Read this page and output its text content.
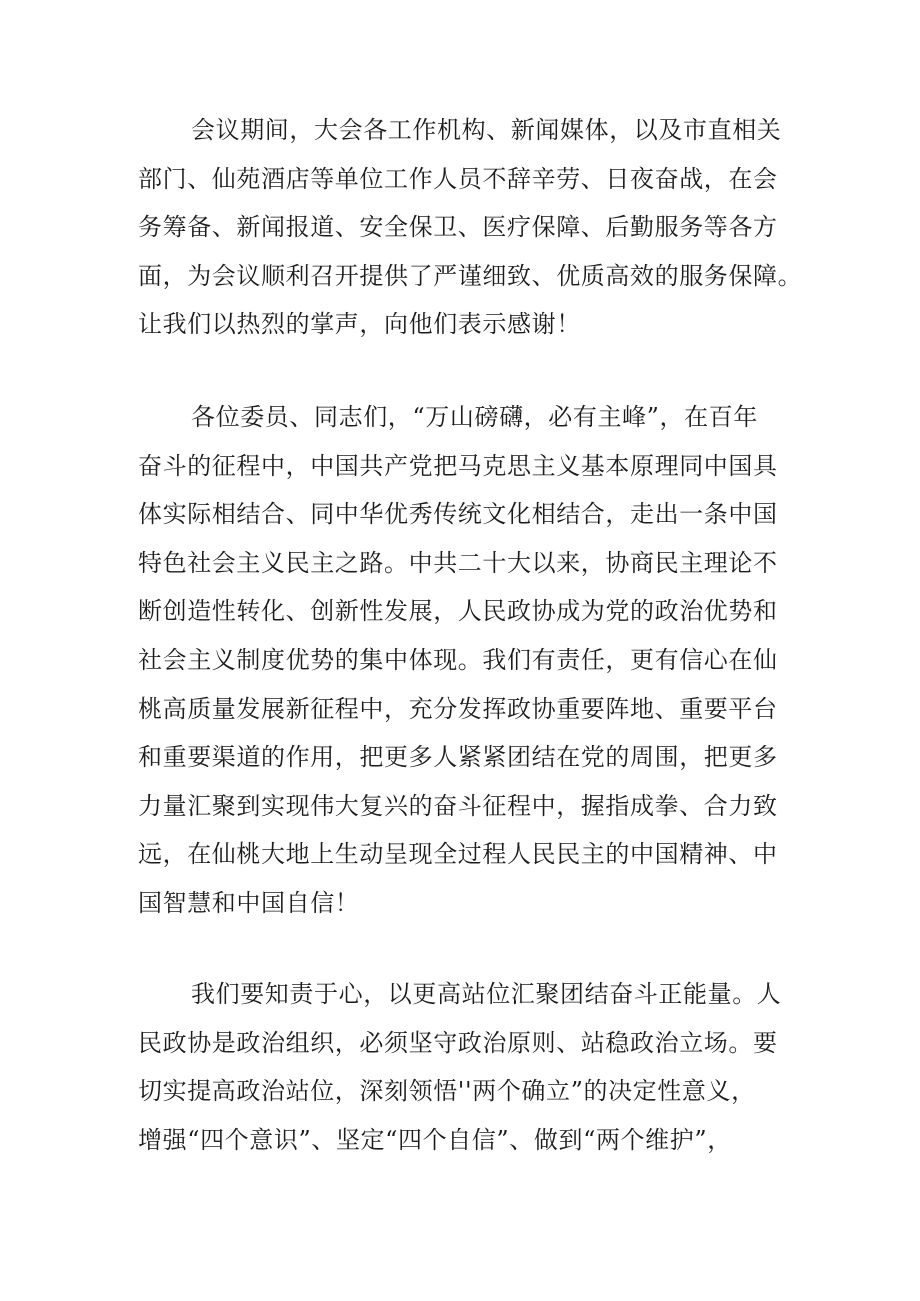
会议期间，大会各工作机构、新闻媒体，以及市直相关
部门、仙苑酒店等单位工作人员不辞辛劳、日夜奋战，在会
务筹备、新闻报道、安全保卫、医疗保障、后勤服务等各方
面，为会议顺利召开提供了严谨细致、优质高效的服务保障。
让我们以热烈的掌声，向他们表示感谢！
各位委员、同志们，“万山磅礴，必有主峰”，在百年
奋斗的征程中，中国共产党把马克思主义基本原理同中国具
体实际相结合、同中华优秀传统文化相结合，走出一条中国
特色社会主义民主之路。中共二十大以来，协商民主理论不
断创造性转化、创新性发展，人民政协成为党的政治优势和
社会主义制度优势的集中体现。我们有责任，更有信心在仙
桃高质量发展新征程中，充分发挥政协重要阵地、重要平台
和重要渠道的作用，把更多人紧紧团结在党的周围，把更多
力量汇聚到实现伟大复兴的奋斗征程中，握指成拳、合力致
远，在仙桃大地上生动呈现全过程人民民主的中国精神、中
国智慧和中国自信！
我们要知责于心，以更高站位汇聚团结奋斗正能量。人
民政协是政治组织，必须坚守政治原则、站稳政治立场。要
切实提高政治站位，深刻领悟''两个确立”的决定性意义，
增强“四个意识”、坚定“四个自信”、做到“两个维护”，
